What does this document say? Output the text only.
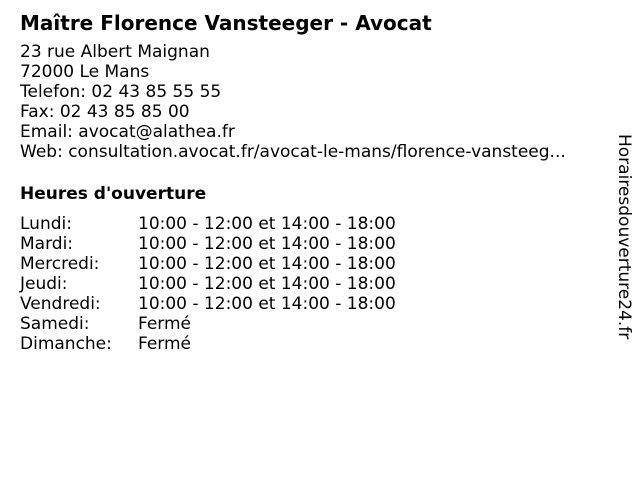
Maître Florence Vansteeger - Avocat
23 rue Albert Maignan
72000 Le Mans
Telefon: 02 43 85 55 55
Fax: 02 43 85 85 00
Email: avocat@alathea.fr
Web: consultation.avocat.fr/avocat-le-mans/florence-vansteeg...
Heures d'ouverture
Lundi:	10:00 - 12:00 et 14:00 - 18:00
Mardi:	10:00 - 12:00 et 14:00 - 18:00
Mercredi:	10:00 - 12:00 et 14:00 - 18:00
Jeudi:	10:00 - 12:00 et 14:00 - 18:00
Vendredi:	10:00 - 12:00 et 14:00 - 18:00
Samedi:	Fermé
Dimanche:	Fermé
Horairesdouverture24.fr
